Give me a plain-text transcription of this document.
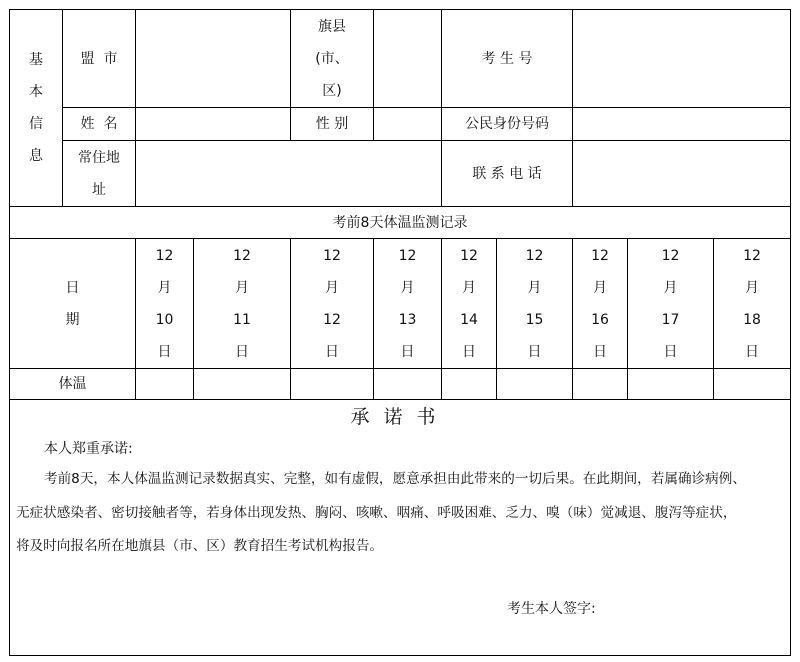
基本信息
盟  市
旗县
(市、
区)
考 生 号
姓  名	性 别	公民身份号码
常住地
址
联 系 电 话
考前8天体温监测记录
日
期
12
月
10
日
12
月
11
日
12
月
12
日
12
月
13
日
12
月
14
日
12
月
15
日
12
月
16
日
12
月
17
日
12
月
18
日
体温
承诺书
本人郑重承诺:
考前8天，本人体温监测记录数据真实、完整，如有虚假，愿意承担由此带来的一切后果。在此期间，若属确诊病例、
无症状感染者、密切接触者等，若身体出现发热、胸闷、咳嗽、咽痛、呼吸困难、乏力、嗅（味）觉减退、腹泻等症状，
将及时向报名所在地旗县（市、区）教育招生考试机构报告。
考生本人签字:
